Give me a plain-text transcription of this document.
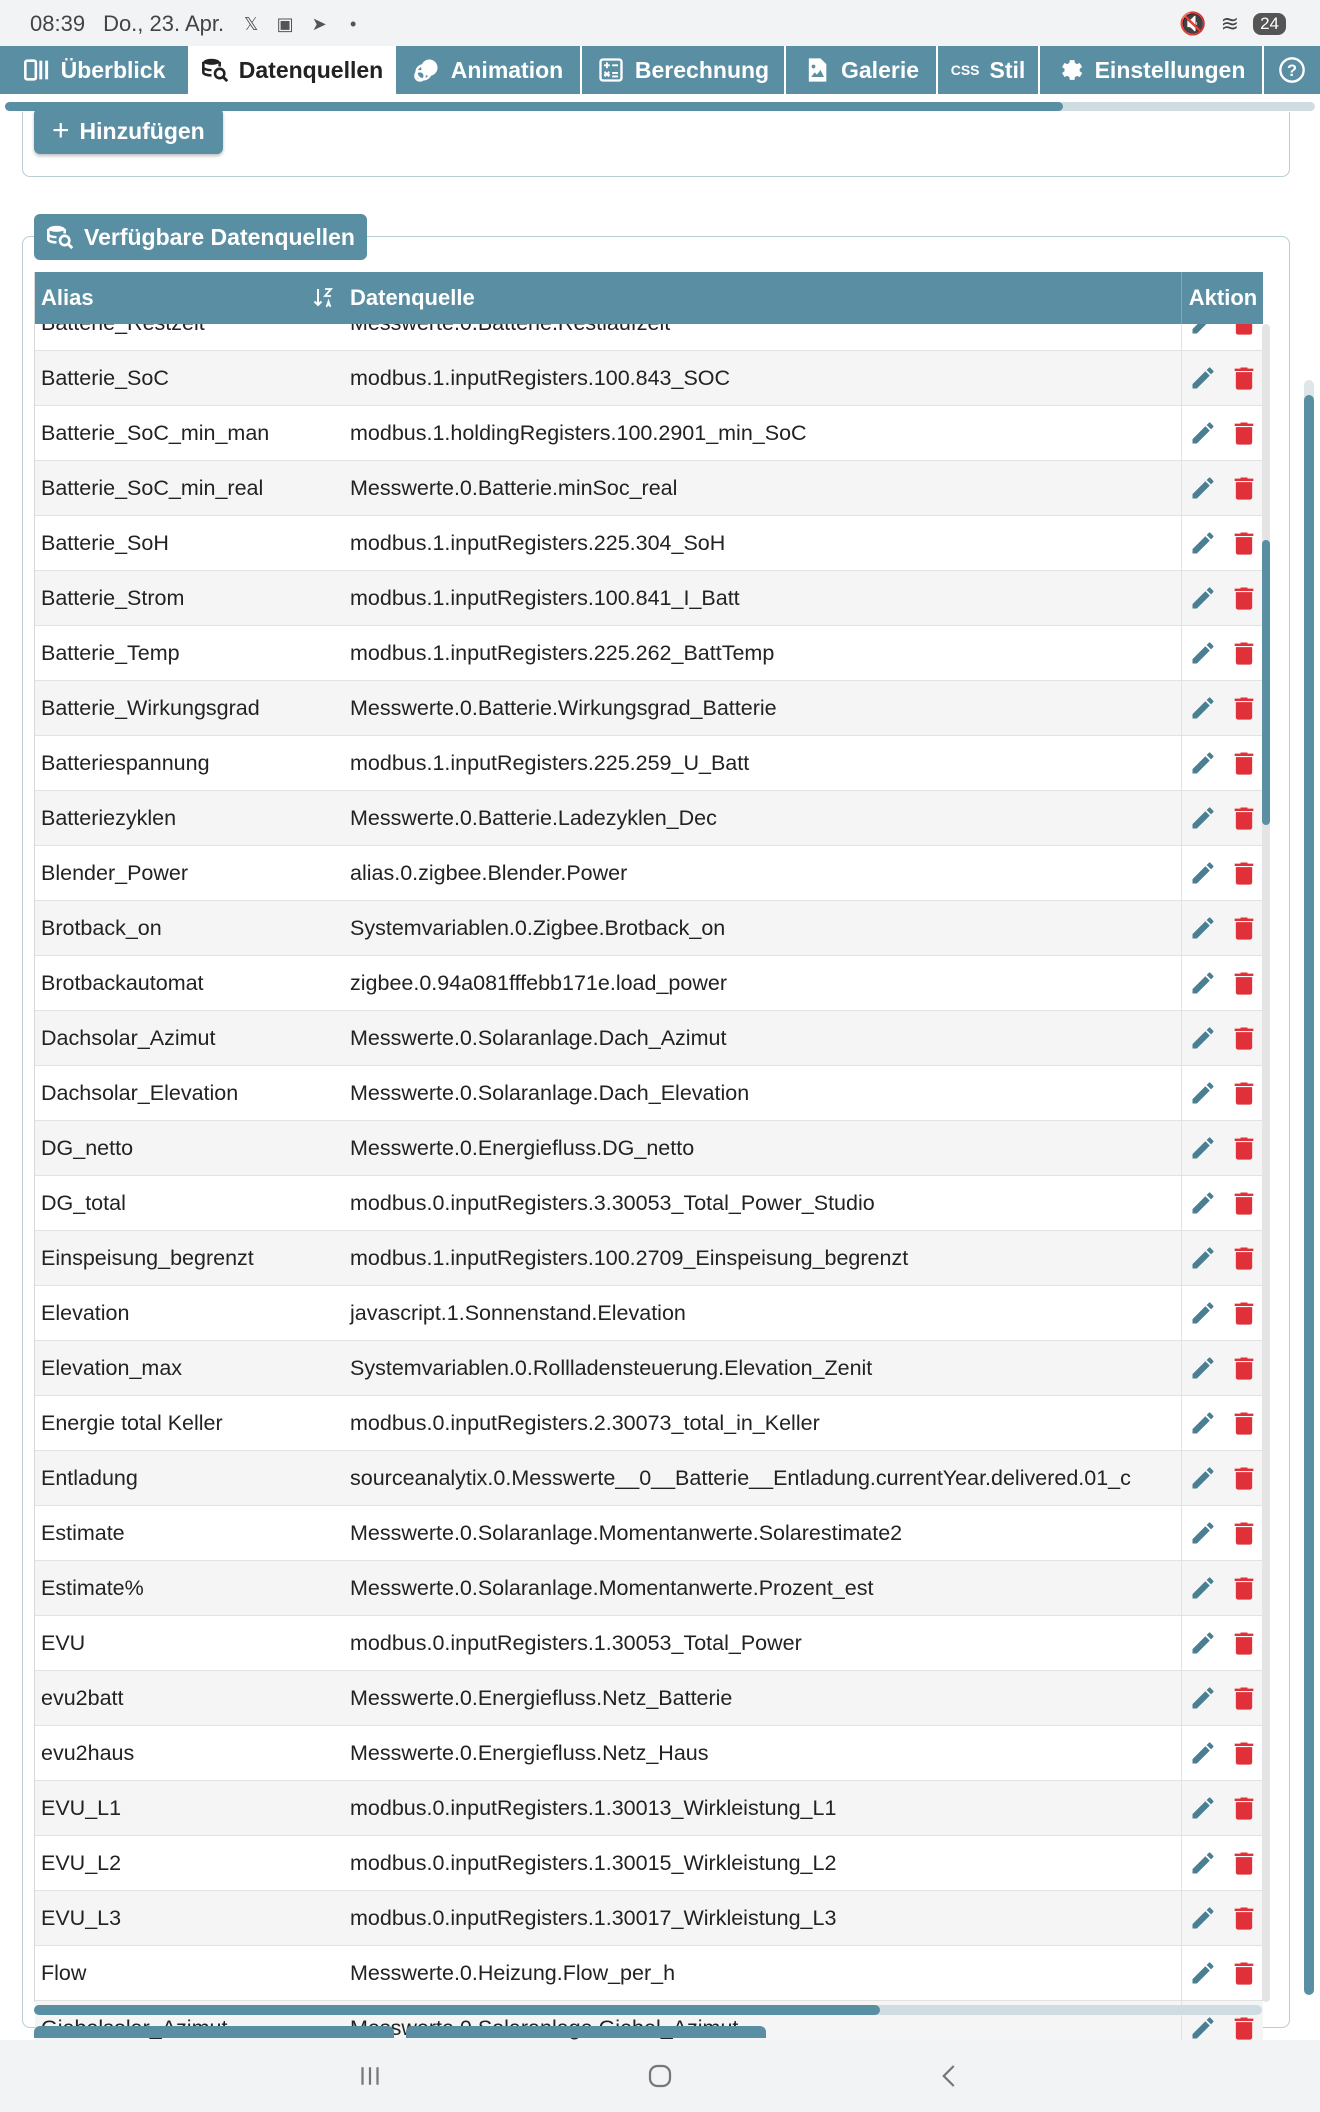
08:39 Do., 23. Apr.	𝕏	▣ ➤	•	🔇 ≋	24
Überblick	Datenquellen	Animation	Berechnung	Galerie CSS Stil	Einstellungen	?
+ Hinzufügen
Verfügbare Datenquellen
Alias	Datenquelle	Aktion
Batterie_SoC	modbus.1.inputRegisters.100.843_SOC
Batterie_SoC_min_man	modbus.1.holdingRegisters.100.2901_min_SoC
Batterie_SoC_min_real	Messwerte.0.Batterie.minSoc_real
Batterie_SoH	modbus.1.inputRegisters.225.304_SoH
Batterie_Strom	modbus.1.inputRegisters.100.841_I_Batt
Batterie_Temp	modbus.1.inputRegisters.225.262_BattTemp
Batterie_Wirkungsgrad	Messwerte.0.Batterie.Wirkungsgrad_Batterie
Batteriespannung	modbus.1.inputRegisters.225.259_U_Batt
Batteriezyklen	Messwerte.0.Batterie.Ladezyklen_Dec
Blender_Power	alias.0.zigbee.Blender.Power
Brotback_on	Systemvariablen.0.Zigbee.Brotback_on
Brotbackautomat	zigbee.0.94a081fffebb171e.load_power
Dachsolar_Azimut	Messwerte.0.Solaranlage.Dach_Azimut
Dachsolar_Elevation	Messwerte.0.Solaranlage.Dach_Elevation
DG_netto	Messwerte.0.Energiefluss.DG_netto
DG_total	modbus.0.inputRegisters.3.30053_Total_Power_Studio
Einspeisung_begrenzt	modbus.1.inputRegisters.100.2709_Einspeisung_begrenzt
Elevation	javascript.1.Sonnenstand.Elevation
Elevation_max	Systemvariablen.0.Rollladensteuerung.Elevation_Zenit
Energie total Keller	modbus.0.inputRegisters.2.30073_total_in_Keller
Entladung	sourceanalytix.0.Messwerte__0__Batterie__Entladung.currentYear.delivered.01_c
Estimate	Messwerte.0.Solaranlage.Momentanwerte.Solarestimate2
Estimate%	Messwerte.0.Solaranlage.Momentanwerte.Prozent_est
EVU	modbus.0.inputRegisters.1.30053_Total_Power
evu2batt	Messwerte.0.Energiefluss.Netz_Batterie
evu2haus	Messwerte.0.Energiefluss.Netz_Haus
EVU_L1	modbus.0.inputRegisters.1.30013_Wirkleistung_L1
EVU_L2	modbus.0.inputRegisters.1.30015_Wirkleistung_L2
EVU_L3	modbus.0.inputRegisters.1.30017_Wirkleistung_L3
Flow	Messwerte.0.Heizung.Flow_per_h
